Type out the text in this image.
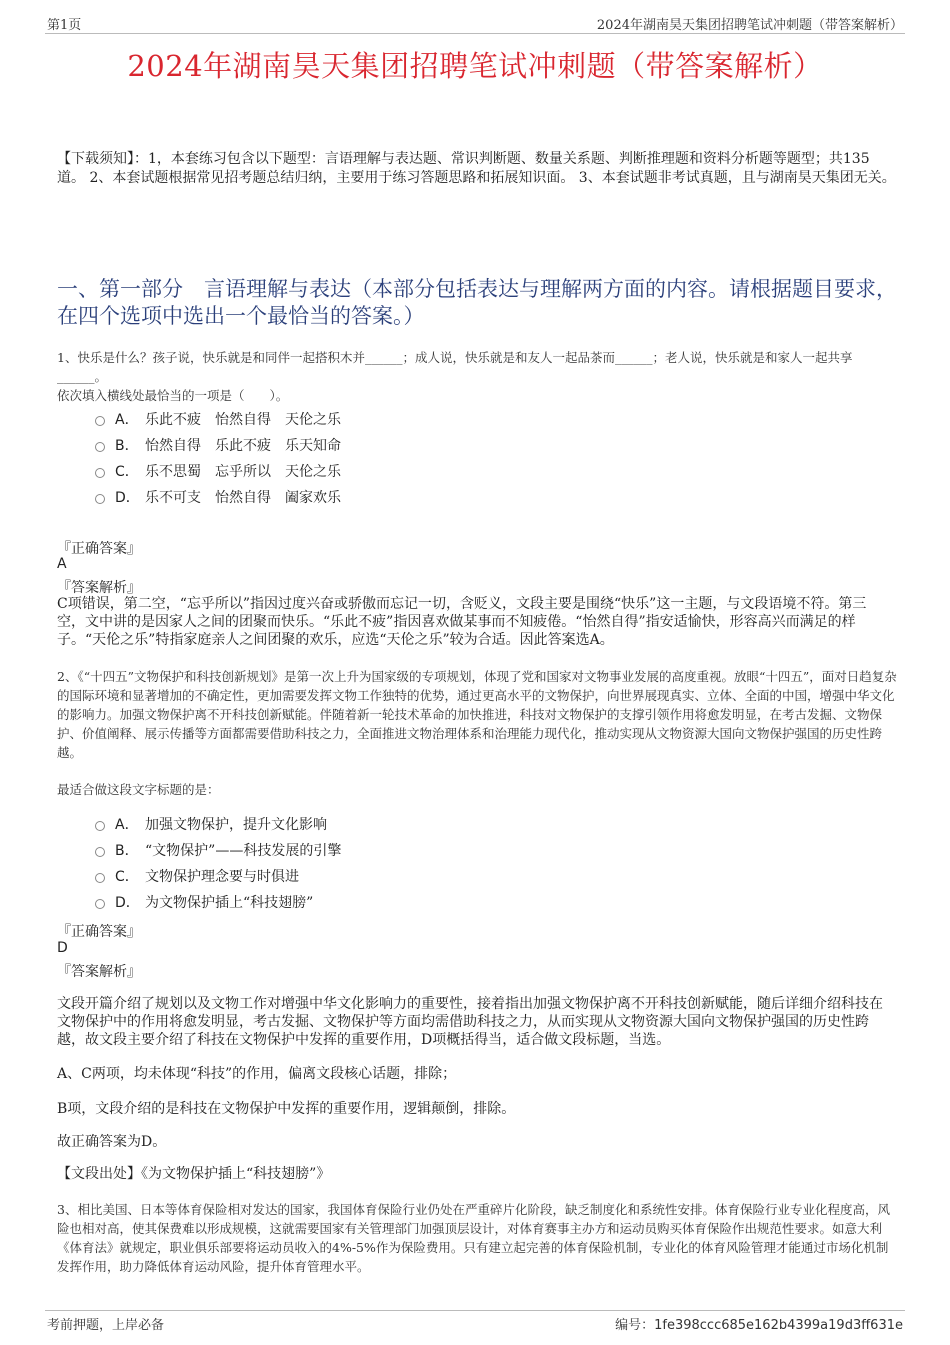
第1页	2024年湖南昊天集团招聘笔试冲刺题（带答案解析）
2024年湖南昊天集团招聘笔试冲刺题（带答案解析）
【下载须知】：1，本套练习包含以下题型：言语理解与表达题、常识判断题、数量关系题、判断推理题和资料分析题等题型；共135道。 2、本套试题根据常见招考题总结归纳，主要用于练习答题思路和拓展知识面。 3、本套试题非考试真题，且与湖南昊天集团无关。
一、第一部分　言语理解与表达（本部分包括表达与理解两方面的内容。请根据题目要求，在四个选项中选出一个最恰当的答案。）

1、快乐是什么？孩子说，快乐就是和同伴一起搭积木并______；成人说，快乐就是和友人一起品茶而______；老人说，快乐就是和家人一起共享______。

依次填入横线处最恰当的一项是（　　）。

A． 乐此不疲　怡然自得　天伦之乐
B． 怡然自得　乐此不疲　乐天知命
C． 乐不思蜀　忘乎所以　天伦之乐
D． 乐不可支　怡然自得　阖家欢乐
『正确答案』
A
『答案解析』
C项错误，第二空，“忘乎所以”指因过度兴奋或骄傲而忘记一切，含贬义，文段主要是围绕“快乐”这一主题，与文段语境不符。第三空，文中讲的是因家人之间的团聚而快乐。“乐此不疲”指因喜欢做某事而不知疲倦。“怡然自得”指安适愉快，形容高兴而满足的样子。“天伦之乐”特指家庭亲人之间团聚的欢乐，应选“天伦之乐”较为合适。因此答案选A。

2、《“十四五”文物保护和科技创新规划》是第一次上升为国家级的专项规划，体现了党和国家对文物事业发展的高度重视。放眼“十四五”，面对日趋复杂的国际环境和显著增加的不确定性，更加需要发挥文物工作独特的优势，通过更高水平的文物保护，向世界展现真实、立体、全面的中国，增强中华文化的影响力。加强文物保护离不开科技创新赋能。伴随着新一轮技术革命的加快推进，科技对文物保护的支撑引领作用将愈发明显，在考古发掘、文物保护、价值阐释、展示传播等方面都需要借助科技之力，全面推进文物治理体系和治理能力现代化，推动实现从文物资源大国向文物保护强国的历史性跨越。

最适合做这段文字标题的是：
A． 加强文物保护，提升文化影响
B． “文物保护”——科技发展的引擎
C． 文物保护理念要与时俱进
D． 为文物保护插上“科技翅膀”
『正确答案』
D
『答案解析』
文段开篇介绍了规划以及文物工作对增强中华文化影响力的重要性，接着指出加强文物保护离不开科技创新赋能，随后详细介绍科技在文物保护中的作用将愈发明显，考古发掘、文物保护等方面均需借助科技之力，从而实现从文物资源大国向文物保护强国的历史性跨越，故文段主要介绍了科技在文物保护中发挥的重要作用，D项概括得当，适合做文段标题，当选。
A、C两项，均未体现“科技”的作用，偏离文段核心话题，排除；
B项，文段介绍的是科技在文物保护中发挥的重要作用，逻辑颠倒，排除。
故正确答案为D。
【文段出处】《为文物保护插上“科技翅膀”》

3、相比美国、日本等体育保险相对发达的国家，我国体育保险行业仍处在严重碎片化阶段，缺乏制度化和系统性安排。体育保险行业专业化程度高，风险也相对高，使其保费难以形成规模，这就需要国家有关管理部门加强顶层设计，对体育赛事主办方和运动员购买体育保险作出规范性要求。如意大利《体育法》就规定，职业俱乐部要将运动员收入的4%-5%作为保险费用。只有建立起完善的体育保险机制，专业化的体育风险管理才能通过市场化机制发挥作用，助力降低体育运动风险，提升体育管理水平。

考前押题，上岸必备	编号：1fe398ccc685e162b4399a19d3ff631e
